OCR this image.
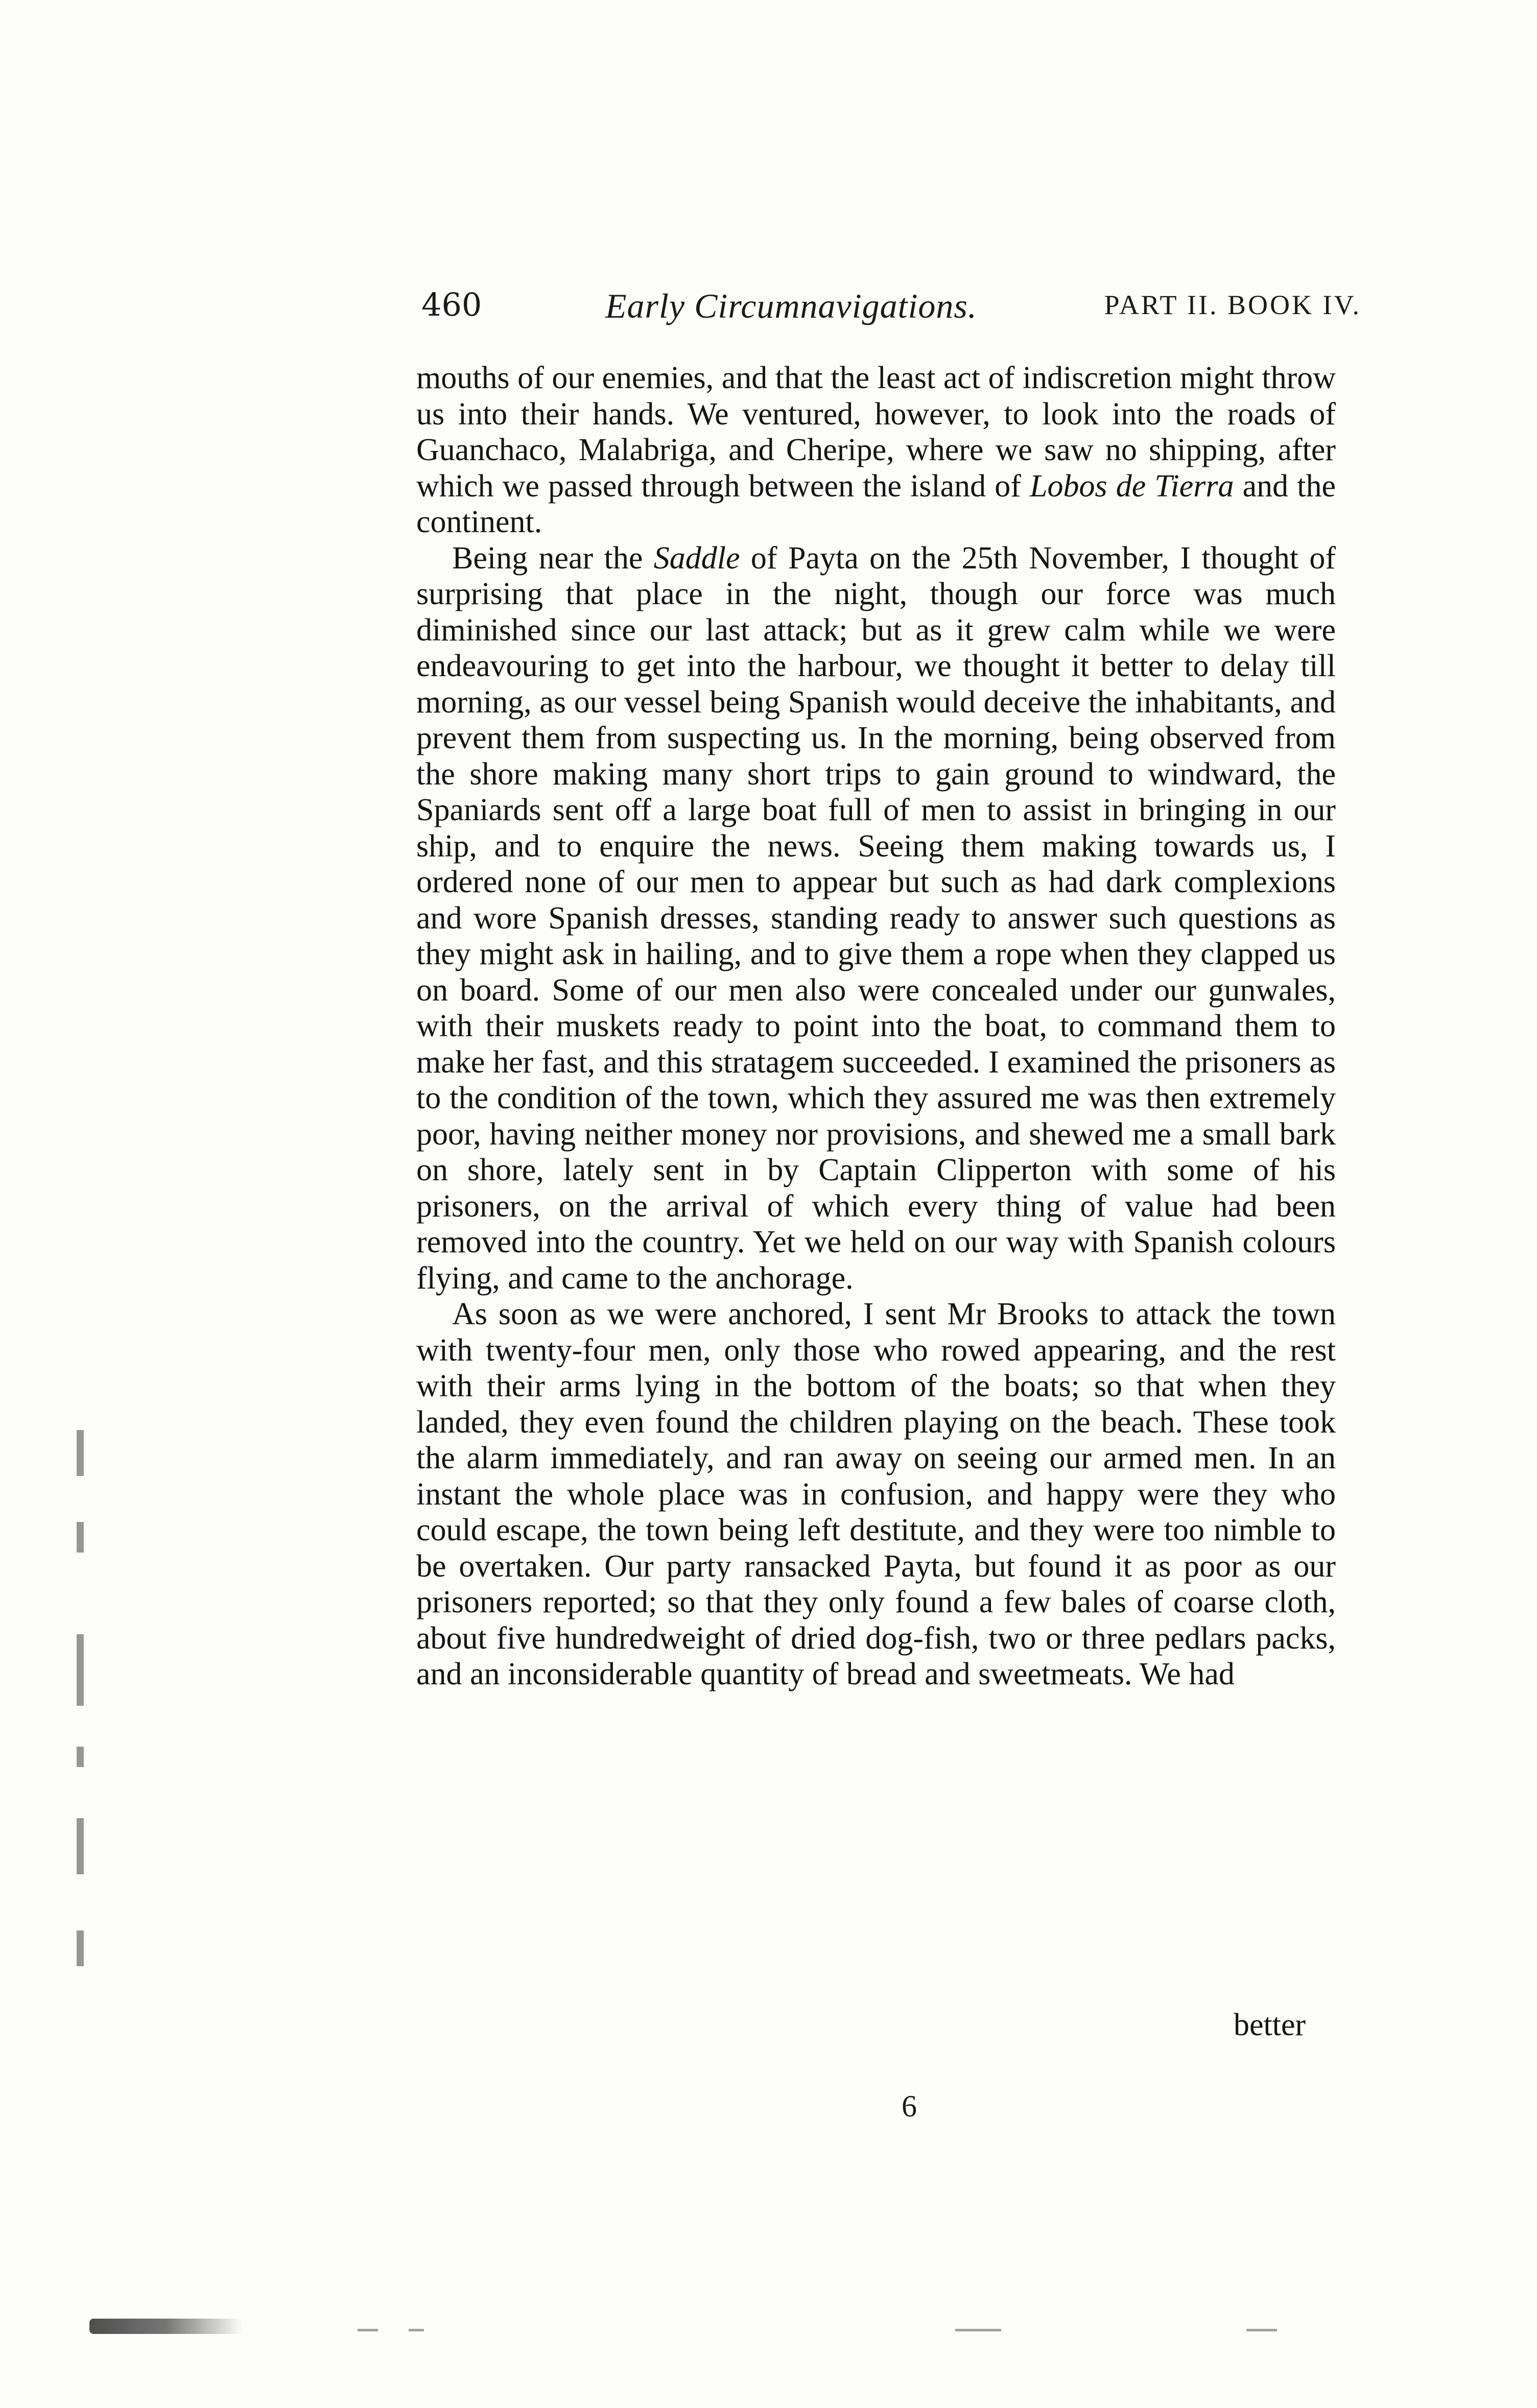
460	Early Circumnavigations.	PART II. BOOK IV.

mouths of our enemies, and that the least act of indiscretion might throw us into their hands. We ventured, however, to look into the roads of Guanchaco, Malabriga, and Cheripe, where we saw no shipping, after which we passed through between the island of Lobos de Tierra and the continent.

Being near the Saddle of Payta on the 25th November, I thought of surprising that place in the night, though our force was much diminished since our last attack; but as it grew calm while we were endeavouring to get into the harbour, we thought it better to delay till morning, as our vessel being Spanish would deceive the inhabitants, and prevent them from suspecting us. In the morning, being observed from the shore making many short trips to gain ground to windward, the Spaniards sent off a large boat full of men to assist in bringing in our ship, and to enquire the news. Seeing them making towards us, I ordered none of our men to appear but such as had dark complexions and wore Spanish dresses, standing ready to answer such questions as they might ask in hailing, and to give them a rope when they clapped us on board. Some of our men also were concealed under our gunwales, with their muskets ready to point into the boat, to command them to make her fast, and this stratagem succeeded. I examined the prisoners as to the condition of the town, which they assured me was then extremely poor, having neither money nor provisions, and shewed me a small bark on shore, lately sent in by Captain Clipperton with some of his prisoners, on the arrival of which every thing of value had been removed into the country. Yet we held on our way with Spanish colours flying, and came to the anchorage.

As soon as we were anchored, I sent Mr Brooks to attack the town with twenty-four men, only those who rowed appearing, and the rest with their arms lying in the bottom of the boats; so that when they landed, they even found the children playing on the beach. These took the alarm immediately, and ran away on seeing our armed men. In an instant the whole place was in confusion, and happy were they who could escape, the town being left destitute, and they were too nimble to be overtaken. Our party ransacked Payta, but found it as poor as our prisoners reported; so that they only found a few bales of coarse cloth, about five hundredweight of dried dog-fish, two or three pedlars packs, and an inconsiderable quantity of bread and sweetmeats. We had

better
6
